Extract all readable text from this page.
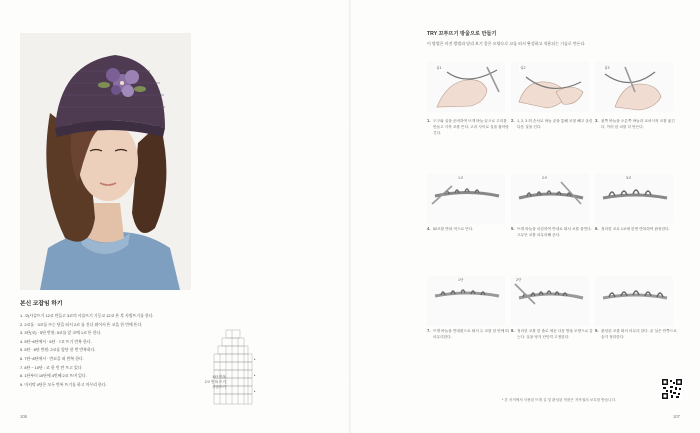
본신 코잡임 하기
1. 코(사슬뜨기 12코 만들고 3코의 사슬뜨기 기둥코 12코 뜬 후 사방뜨기를 한다.
2. 2코를 · 3코를 뜨는 단을 떠서 2코 를 건너 뛰어서 뜬 코을 한 번에 뜬다.
3. 3단(코) · 5단 반원: 5코를 앞 코에 1코 뜬 한다.
4. 5단~6단에서 · 6단 · 7코 뜨기 반복 한다.
5. 5단 · 6단 반원: 2코를 앞단 한 번 반복하다.
6. 7단~8단에서 · 반코을 떠 반복 한다.
7. 8단 ~ 10단 : 코 한 빈 반 뜨고 있다.
8. 1단부터 10단에 4번째 2코 뜨며 있다.
9. 마지막 4단은 모두 반복 뜨기를 하고 마무리 한다.
▸
▸
▸
8단 반복
2코 반복 뜨기
사슬뜨기
106
TRY 꼬투뜨기 방울으로 만들기
이 방법은 이전 방법과 달리 보기 좋은 모양으로 코를 떠서 완성하고 적용되는 기술로 만든다.
실1	실2	실3
1. 도구와 실을 준비하여 뜨개 바늘 끝으로 고리를 만들고 시작 코를 뜬다. 고리 사이로 실을 잡아당긴다.
2. 1, 2, 3 의 순서로 바늘 끝을 통해 코를 빼고 올린 다음 실을 건다.
3. 왼쪽 바늘을 오른쪽 바늘과 교차시켜 코를 옮긴다. 이어 한 코를 더 만든다.
1코	2코	3코
4. 52코를 반복 적으로 뜬다.	5. 뜨개 바늘을 마감하여 반대로 떠서 코를 줄인다. 고무단 코를 마무리해 준다.
6. 정리한 코로 1코에 한번 반복하여 완성한다.
1단	2단
7. 뜨개 바늘을 반대편으로 떠서 두 코를 한 번에 떠 마무리한다.
8. 정리한 코를 한 줄로 세운 다음 방울 모양으로 감는다. 실을 당겨 단단히 고정한다.
9. 완성된 코를 떠서 마무리 한다. 끝 실은 안쪽으로 숨겨 정리한다.
* 본 서적에서 사용된 뜨개 실 및 완성된 작품은 저작권의 보호를 받습니다.
107
